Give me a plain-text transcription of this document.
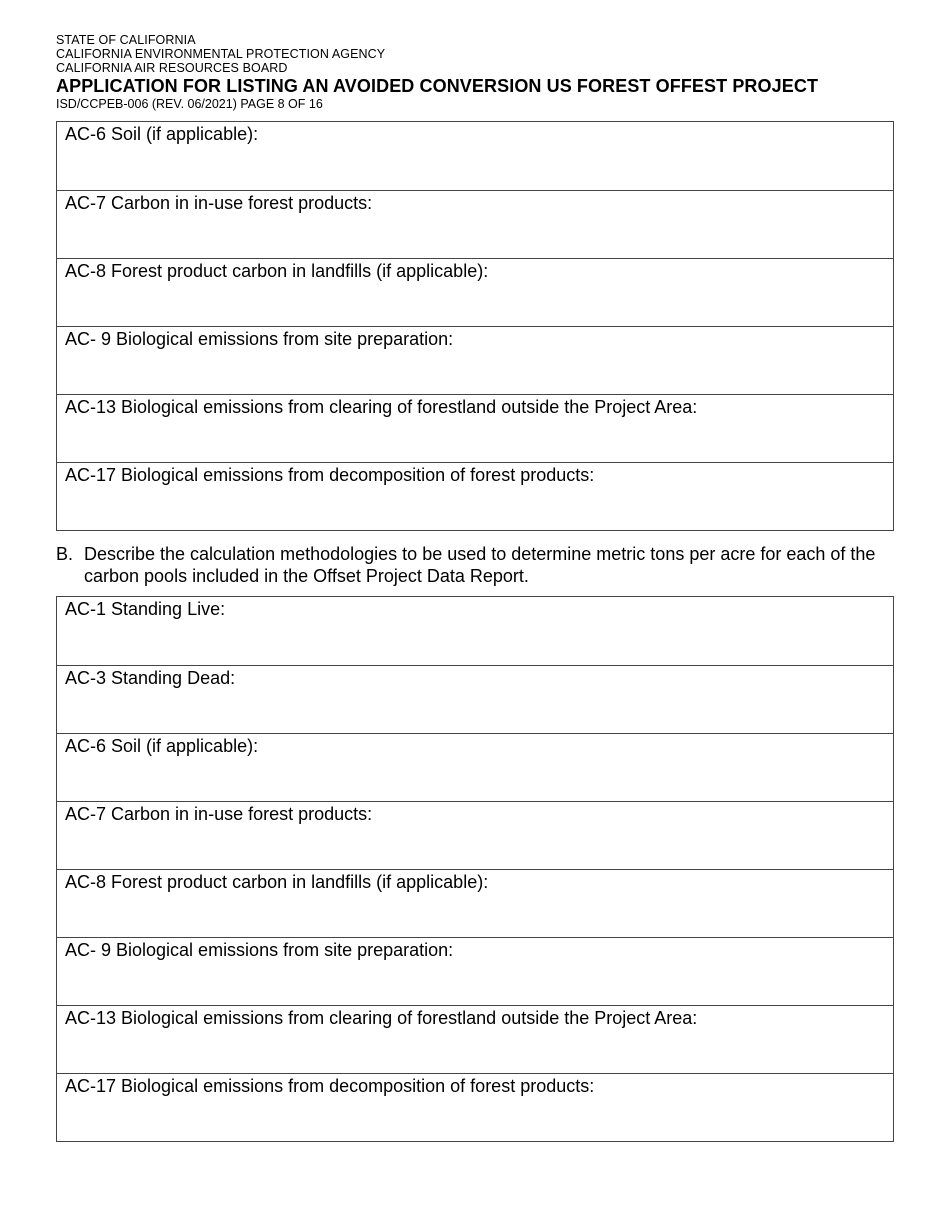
STATE OF CALIFORNIA
CALIFORNIA ENVIRONMENTAL PROTECTION AGENCY
CALIFORNIA AIR RESOURCES BOARD
APPLICATION FOR LISTING AN AVOIDED CONVERSION US FOREST OFFEST PROJECT
ISD/CCPEB-006 (REV. 06/2021) PAGE 8 OF 16
AC-6 Soil (if applicable):
AC-7 Carbon in in-use forest products:
AC-8 Forest product carbon in landfills (if applicable):
AC- 9 Biological emissions from site preparation:
AC-13 Biological emissions from clearing of forestland outside the Project Area:
AC-17 Biological emissions from decomposition of forest products:
B. Describe the calculation methodologies to be used to determine metric tons per acre for each of the carbon pools included in the Offset Project Data Report.
AC-1 Standing Live:
AC-3 Standing Dead:
AC-6 Soil (if applicable):
AC-7 Carbon in in-use forest products:
AC-8 Forest product carbon in landfills (if applicable):
AC- 9 Biological emissions from site preparation:
AC-13 Biological emissions from clearing of forestland outside the Project Area:
AC-17 Biological emissions from decomposition of forest products:
